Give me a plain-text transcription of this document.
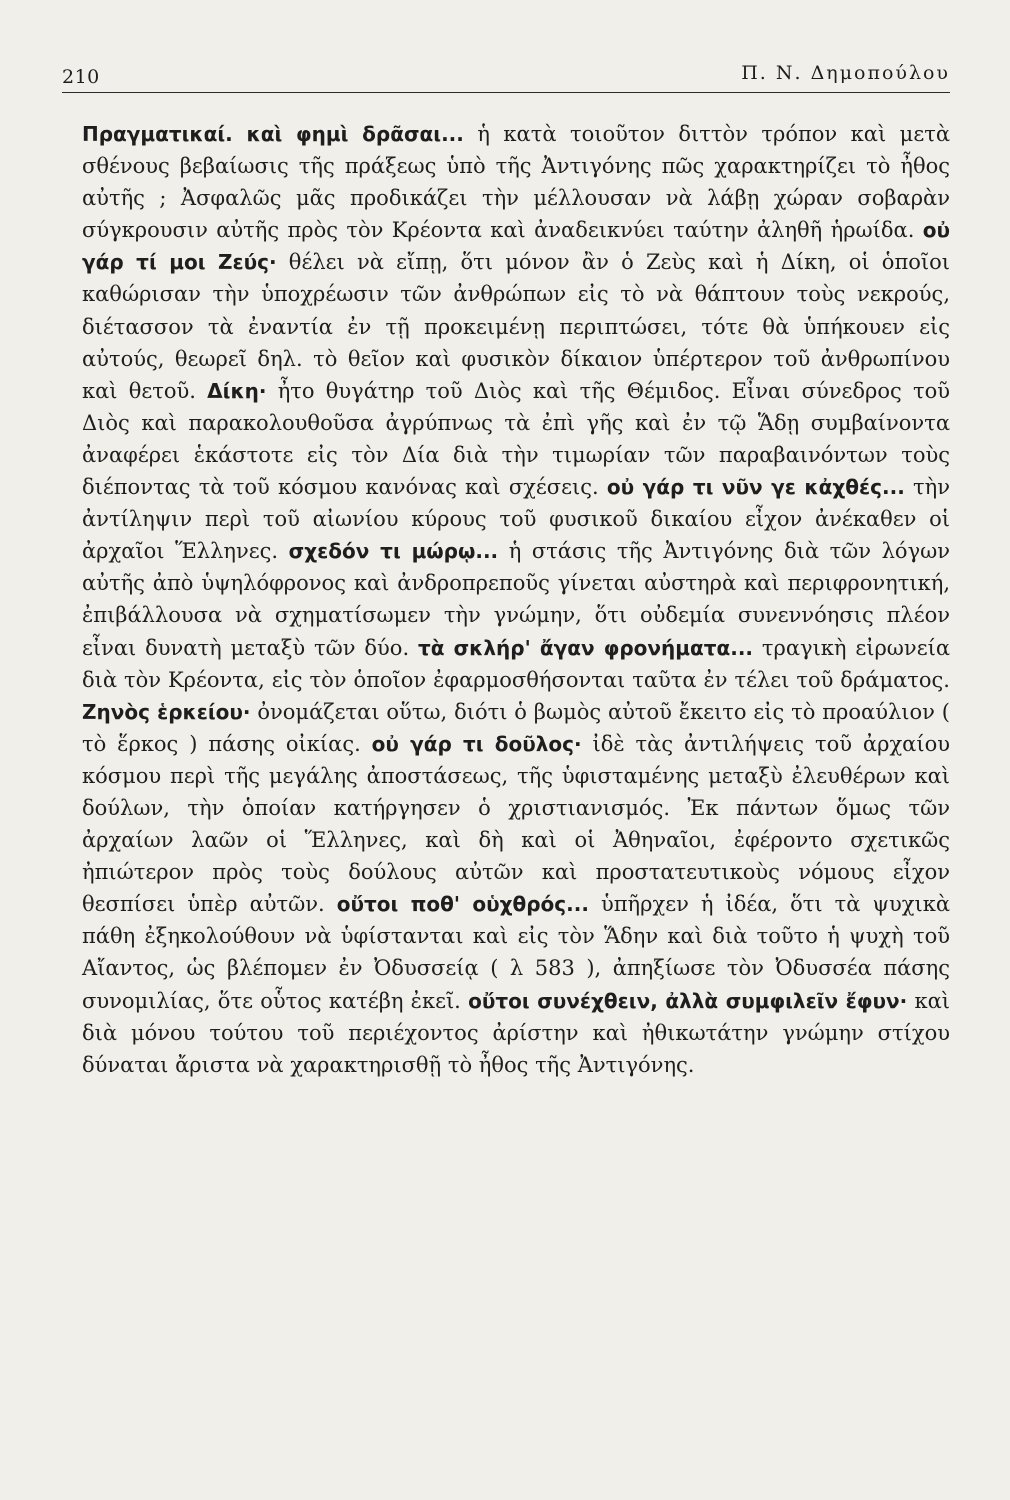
210	Π. Ν. Δημοπούλου

Πραγματικαί. καὶ φημὶ δρᾶσαι... ἡ κατὰ τοιοῦτον διττὸν τρόπον καὶ μετὰ σθένους βεβαίωσις τῆς πράξεως ὑπὸ τῆς Ἀντιγόνης πῶς χαρακτηρίζει τὸ ἦθος αὐτῆς ; Ἀσφαλῶς μᾶς προδικάζει τὴν μέλλουσαν νὰ λάβῃ χώραν σοβαρὰν σύγκρουσιν αὐτῆς πρὸς τὸν Κρέοντα καὶ ἀναδεικνύει ταύτην ἀληθῆ ἡρωίδα. οὐ γάρ τί μοι Ζεύς· θέλει νὰ εἴπῃ, ὅτι μόνον ἂν ὁ Ζεὺς καὶ ἡ Δίκη, οἱ ὁποῖοι καθώρισαν τὴν ὑποχρέωσιν τῶν ἀνθρώπων εἰς τὸ νὰ θάπτουν τοὺς νεκρούς, διέτασσον τὰ ἐναντία ἐν τῇ προκειμένῃ περιπτώσει, τότε θὰ ὑπήκουεν εἰς αὐτούς, θεωρεῖ δηλ. τὸ θεῖον καὶ φυσικὸν δίκαιον ὑπέρτερον τοῦ ἀνθρωπίνου καὶ θετοῦ. Δίκη· ἦτο θυγάτηρ τοῦ Διὸς καὶ τῆς Θέμιδος. Εἶναι σύνεδρος τοῦ Διὸς καὶ παρακολουθοῦσα ἀγρύπνως τὰ ἐπὶ γῆς καὶ ἐν τῷ Ἅδῃ συμβαίνοντα ἀναφέρει ἑκάστοτε εἰς τὸν Δία διὰ τὴν τιμωρίαν τῶν παραβαινόντων τοὺς διέποντας τὰ τοῦ κόσμου κανόνας καὶ σχέσεις. οὐ γάρ τι νῦν γε κἀχθές... τὴν ἀντίληψιν περὶ τοῦ αἰωνίου κύρους τοῦ φυσικοῦ δικαίου εἶχον ἀνέκαθεν οἱ ἀρχαῖοι Ἕλληνες. σχεδόν τι μώρῳ... ἡ στάσις τῆς Ἀντιγόνης διὰ τῶν λόγων αὐτῆς ἀπὸ ὑψηλόφρονος καὶ ἀνδροπρεποῦς γίνεται αὐστηρὰ καὶ περιφρονητική, ἐπιβάλλουσα νὰ σχηματίσωμεν τὴν γνώμην, ὅτι οὐδεμία συνεννόησις πλέον εἶναι δυνατὴ μεταξὺ τῶν δύο. τὰ σκλήρ' ἄγαν φρονήματα... τραγικὴ εἰρωνεία διὰ τὸν Κρέοντα, εἰς τὸν ὁποῖον ἐφαρμοσθήσονται ταῦτα ἐν τέλει τοῦ δράματος. Ζηνὸς ἑρκείου· ὀνομάζεται οὕτω, διότι ὁ βωμὸς αὐτοῦ ἔκειτο εἰς τὸ προαύλιον ( τὸ ἕρκος ) πάσης οἰκίας. οὐ γάρ τι δοῦλος· ἰδὲ τὰς ἀντιλήψεις τοῦ ἀρχαίου κόσμου περὶ τῆς μεγάλης ἀποστάσεως, τῆς ὑφισταμένης μεταξὺ ἐλευθέρων καὶ δούλων, τὴν ὁποίαν κατήργησεν ὁ χριστιανισμός. Ἐκ πάντων ὅμως τῶν ἀρχαίων λαῶν οἱ Ἕλληνες, καὶ δὴ καὶ οἱ Ἀθηναῖοι, ἐφέροντο σχετικῶς ἠπιώτερον πρὸς τοὺς δούλους αὐτῶν καὶ προστατευτικοὺς νόμους εἶχον θεσπίσει ὑπὲρ αὐτῶν. οὔτοι ποθ' οὑχθρός... ὑπῆρχεν ἡ ἰδέα, ὅτι τὰ ψυχικὰ πάθη ἐξηκολούθουν νὰ ὑφίστανται καὶ εἰς τὸν Ἅδην καὶ διὰ τοῦτο ἡ ψυχὴ τοῦ Αἴαντος, ὡς βλέπομεν ἐν Ὀδυσσείᾳ ( λ 583 ), ἀπηξίωσε τὸν Ὀδυσσέα πάσης συνομιλίας, ὅτε οὗτος κατέβη ἐκεῖ. οὔτοι συνέχθειν, ἀλλὰ συμφιλεῖν ἔφυν· καὶ διὰ μόνου τούτου τοῦ περιέχοντος ἀρίστην καὶ ἠθικωτάτην γνώμην στίχου δύναται ἄριστα νὰ χαρακτηρισθῇ τὸ ἦθος τῆς Ἀντιγόνης.
